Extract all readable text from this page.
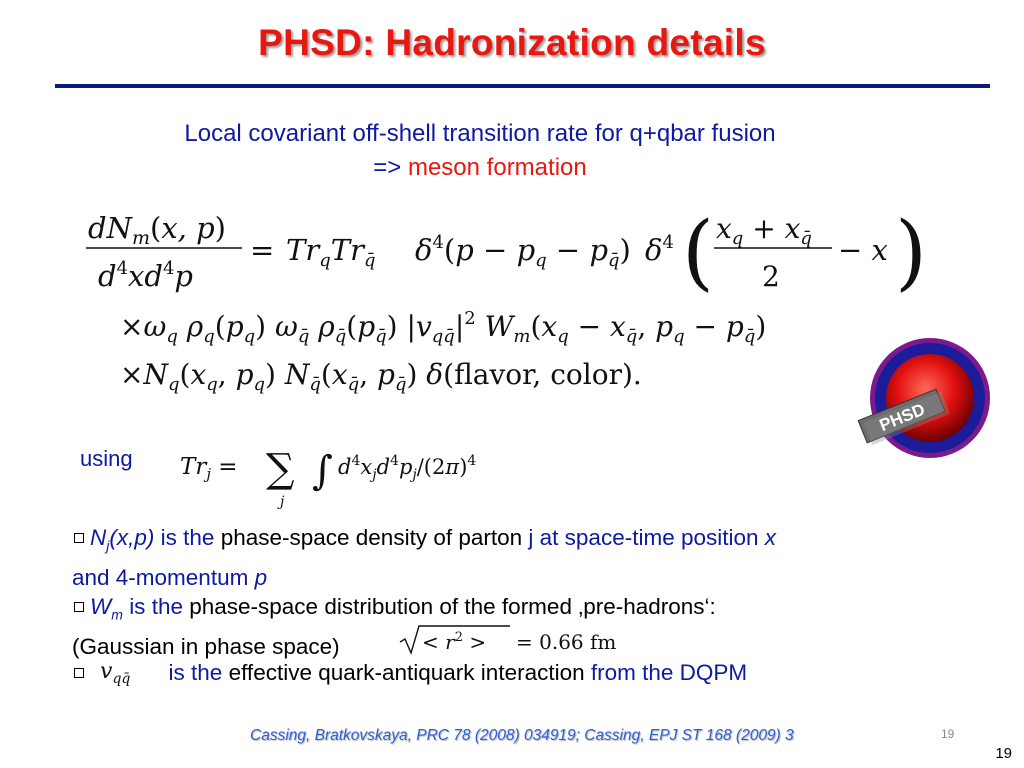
PHSD: Hadronization details
Local covariant off-shell transition rate for q+qbar fusion
=> meson formation
$dN_m(x$, p)
$d^4xd^4p$
= $Tr_qTr_{q̄}$ $\delta^4(p - p_q - p_{q̄})$ $\delta^4$ ( $x_q + x_{q̄}$
2
− x )
$\times\omega_q$ $\rho_q(p_q)$ $\omega_{q̄}$ $\rho_{q̄}(p_{q̄})$ $|v_{qq̄}|^2$ $W_m(x_q - x_{q̄}$, $p_q - p_{q̄}$)
$\times N_q(x_q$, $p_q$) $N_{q̄}(x_{q̄}$, $p_{q̄}$) δ(flavor, color).
PHSD
using $Tr_j$ = ∑
j
∫ $d^4x_jd^4p_j/(2\pi)^4$
$N_j(x,p)$ is the phase-space density of parton j at space-time position x
and 4-momentum p
$W_m$ is the phase-space distribution of the formed ‚pre-hadrons‘:
(Gaussian in phase space)	< $r^2$ > = 0.66 fm

$v_{qq̄}$ is the effective quark-antiquark interaction from the DQPM
Cassing, Bratkovskaya, PRC 78 (2008) 034919; Cassing, EPJ ST 168 (2009) 3	19
19
